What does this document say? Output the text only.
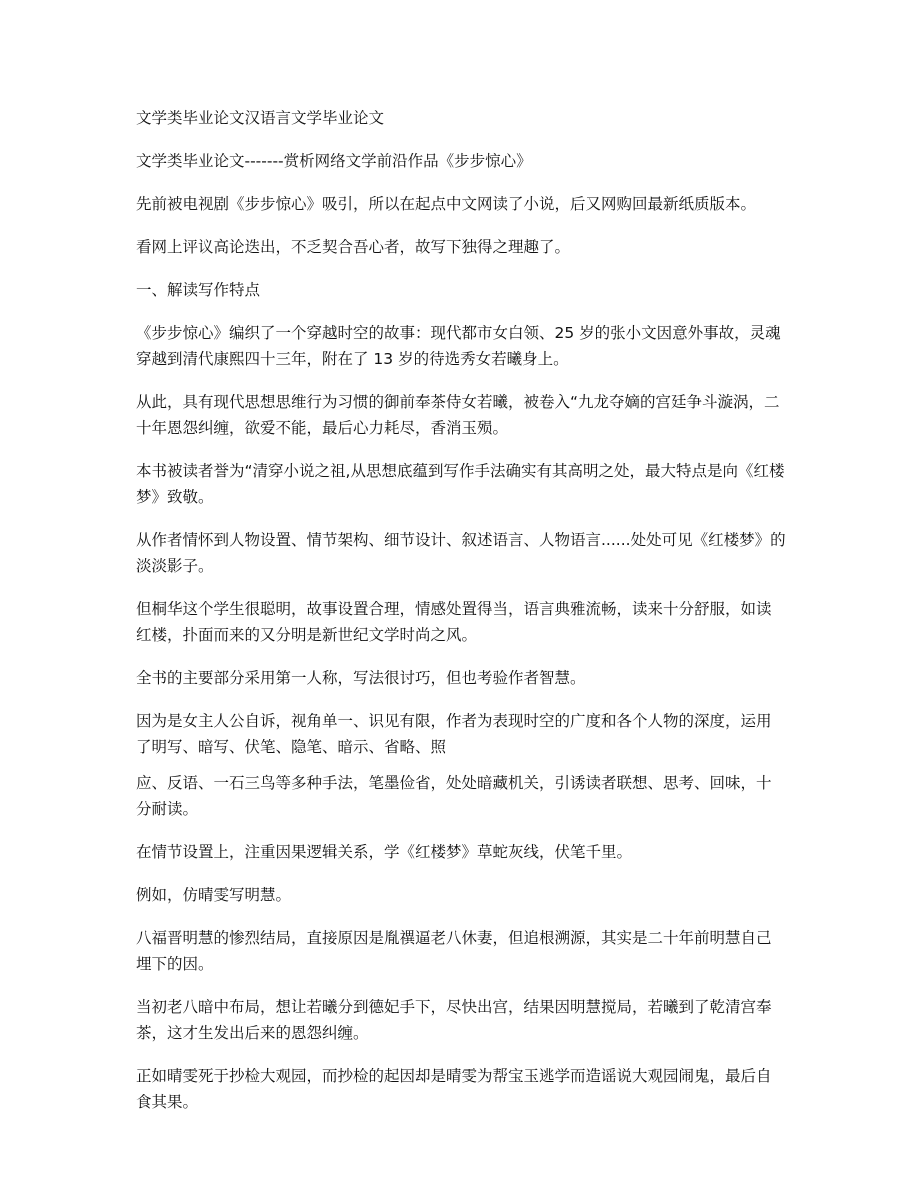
文学类毕业论文汉语言文学毕业论文

文学类毕业论文-------赏析网络文学前沿作品《步步惊心》

先前被电视剧《步步惊心》吸引，所以在起点中文网读了小说，后又网购回最新纸质版本。

看网上评议高论迭出，不乏契合吾心者，故写下独得之理趣了。

一、解读写作特点

《步步惊心》编织了一个穿越时空的故事：现代都市女白领、25 岁的张小文因意外事故，灵魂穿越到清代康熙四十三年，附在了 13 岁的待选秀女若曦身上。

从此，具有现代思想思维行为习惯的御前奉茶侍女若曦，被卷入“九龙夺嫡的宫廷争斗漩涡，二十年恩怨纠缠，欲爱不能，最后心力耗尽，香消玉殒。

本书被读者誉为“清穿小说之祖,从思想底蕴到写作手法确实有其高明之处，最大特点是向《红楼梦》致敬。

从作者情怀到人物设置、情节架构、细节设计、叙述语言、人物语言......处处可见《红楼梦》的淡淡影子。

但桐华这个学生很聪明，故事设置合理，情感处置得当，语言典雅流畅，读来十分舒服，如读红楼，扑面而来的又分明是新世纪文学时尚之风。

全书的主要部分采用第一人称，写法很讨巧，但也考验作者智慧。

因为是女主人公自诉，视角单一、识见有限，作者为表现时空的广度和各个人物的深度，运用了明写、暗写、伏笔、隐笔、暗示、省略、照

应、反语、一石三鸟等多种手法，笔墨俭省，处处暗藏机关，引诱读者联想、思考、回味，十分耐读。

在情节设置上，注重因果逻辑关系，学《红楼梦》草蛇灰线，伏笔千里。

例如，仿晴雯写明慧。

八福晋明慧的惨烈结局，直接原因是胤禩逼老八休妻，但追根溯源，其实是二十年前明慧自己埋下的因。

当初老八暗中布局，想让若曦分到德妃手下，尽快出宫，结果因明慧搅局，若曦到了乾清宫奉茶，这才生发出后来的恩怨纠缠。

正如晴雯死于抄检大观园，而抄检的起因却是晴雯为帮宝玉逃学而造谣说大观园闹鬼，最后自食其果。
